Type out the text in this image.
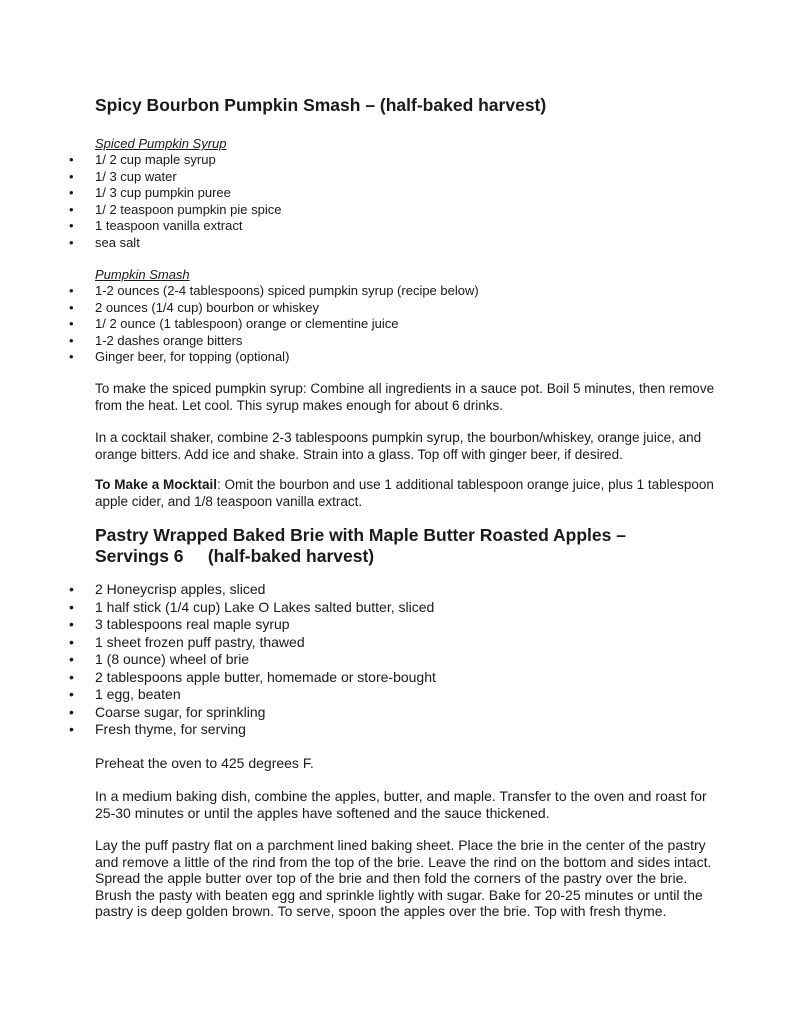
Spicy Bourbon Pumpkin Smash – (half-baked harvest)
Spiced Pumpkin Syrup
• 1/ 2 cup maple syrup
• 1/ 3 cup water
• 1/ 3 cup pumpkin puree
• 1/ 2 teaspoon pumpkin pie spice
• 1 teaspoon vanilla extract
• sea salt
Pumpkin Smash
• 1-2 ounces (2-4 tablespoons) spiced pumpkin syrup (recipe below)
• 2 ounces (1/4 cup) bourbon or whiskey
• 1/ 2 ounce (1 tablespoon) orange or clementine juice
• 1-2 dashes orange bitters
• Ginger beer, for topping (optional)
To make the spiced pumpkin syrup: Combine all ingredients in a sauce pot. Boil 5 minutes, then remove from the heat. Let cool. This syrup makes enough for about 6 drinks.
In a cocktail shaker, combine 2-3 tablespoons pumpkin syrup, the bourbon/whiskey, orange juice, and orange bitters. Add ice and shake. Strain into a glass. Top off with ginger beer, if desired.
To Make a Mocktail: Omit the bourbon and use 1 additional tablespoon orange juice, plus 1 tablespoon apple cider, and 1/8 teaspoon vanilla extract.
Pastry Wrapped Baked Brie with Maple Butter Roasted Apples –
Servings 6     (half-baked harvest)
• 2 Honeycrisp apples, sliced
• 1 half stick (1/4 cup) Lake O Lakes salted butter, sliced
• 3 tablespoons real maple syrup
• 1 sheet frozen puff pastry, thawed
• 1 (8 ounce) wheel of brie
• 2 tablespoons apple butter, homemade or store-bought
• 1 egg, beaten
• Coarse sugar, for sprinkling
• Fresh thyme, for serving
Preheat the oven to 425 degrees F.
In a medium baking dish, combine the apples, butter, and maple. Transfer to the oven and roast for 25-30 minutes or until the apples have softened and the sauce thickened.
Lay the puff pastry flat on a parchment lined baking sheet. Place the brie in the center of the pastry and remove a little of the rind from the top of the brie. Leave the rind on the bottom and sides intact. Spread the apple butter over top of the brie and then fold the corners of the pastry over the brie. Brush the pasty with beaten egg and sprinkle lightly with sugar. Bake for 20-25 minutes or until the pastry is deep golden brown. To serve, spoon the apples over the brie. Top with fresh thyme.
